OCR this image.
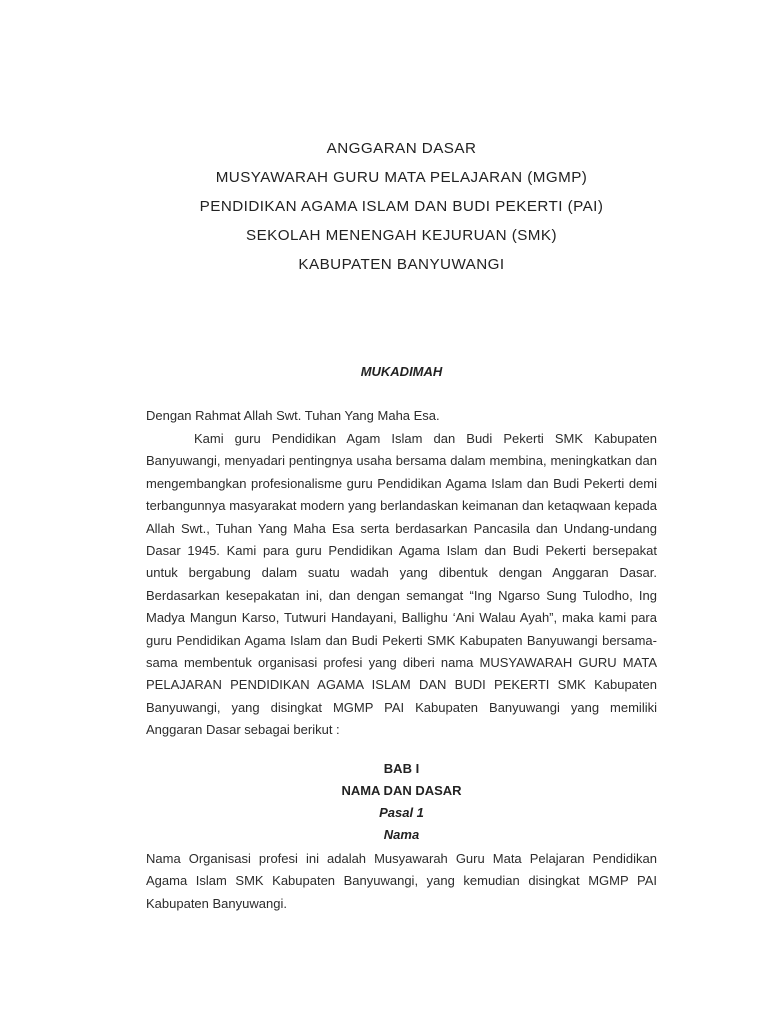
ANGGARAN DASAR
MUSYAWARAH GURU MATA PELAJARAN (MGMP)
PENDIDIKAN AGAMA ISLAM DAN BUDI PEKERTI (PAI)
SEKOLAH MENENGAH KEJURUAN (SMK)
KABUPATEN BANYUWANGI
MUKADIMAH
Dengan Rahmat Allah Swt. Tuhan Yang Maha Esa.
Kami guru Pendidikan Agam Islam dan Budi Pekerti SMK Kabupaten Banyuwangi, menyadari pentingnya usaha bersama dalam membina, meningkatkan dan mengembangkan profesionalisme guru Pendidikan Agama Islam dan Budi Pekerti demi terbangunnya masyarakat modern yang berlandaskan keimanan dan ketaqwaan kepada Allah Swt., Tuhan Yang Maha Esa serta berdasarkan Pancasila dan Undang-undang Dasar 1945. Kami para guru Pendidikan Agama Islam dan Budi Pekerti bersepakat untuk bergabung dalam suatu wadah yang dibentuk dengan Anggaran Dasar. Berdasarkan kesepakatan ini, dan dengan semangat “Ing Ngarso Sung Tulodho, Ing Madya Mangun Karso, Tutwuri Handayani, Ballighu ‘Ani Walau Ayah”, maka kami para guru Pendidikan Agama Islam dan Budi Pekerti SMK Kabupaten Banyuwangi bersama-sama membentuk organisasi profesi yang diberi nama MUSYAWARAH GURU MATA PELAJARAN PENDIDIKAN AGAMA ISLAM DAN BUDI PEKERTI SMK Kabupaten Banyuwangi, yang disingkat MGMP PAI Kabupaten Banyuwangi yang memiliki Anggaran Dasar sebagai berikut :
BAB I
NAMA DAN DASAR
Pasal 1
Nama
Nama Organisasi profesi ini adalah Musyawarah Guru Mata Pelajaran Pendidikan Agama Islam SMK Kabupaten Banyuwangi, yang kemudian disingkat MGMP PAI Kabupaten Banyuwangi.
